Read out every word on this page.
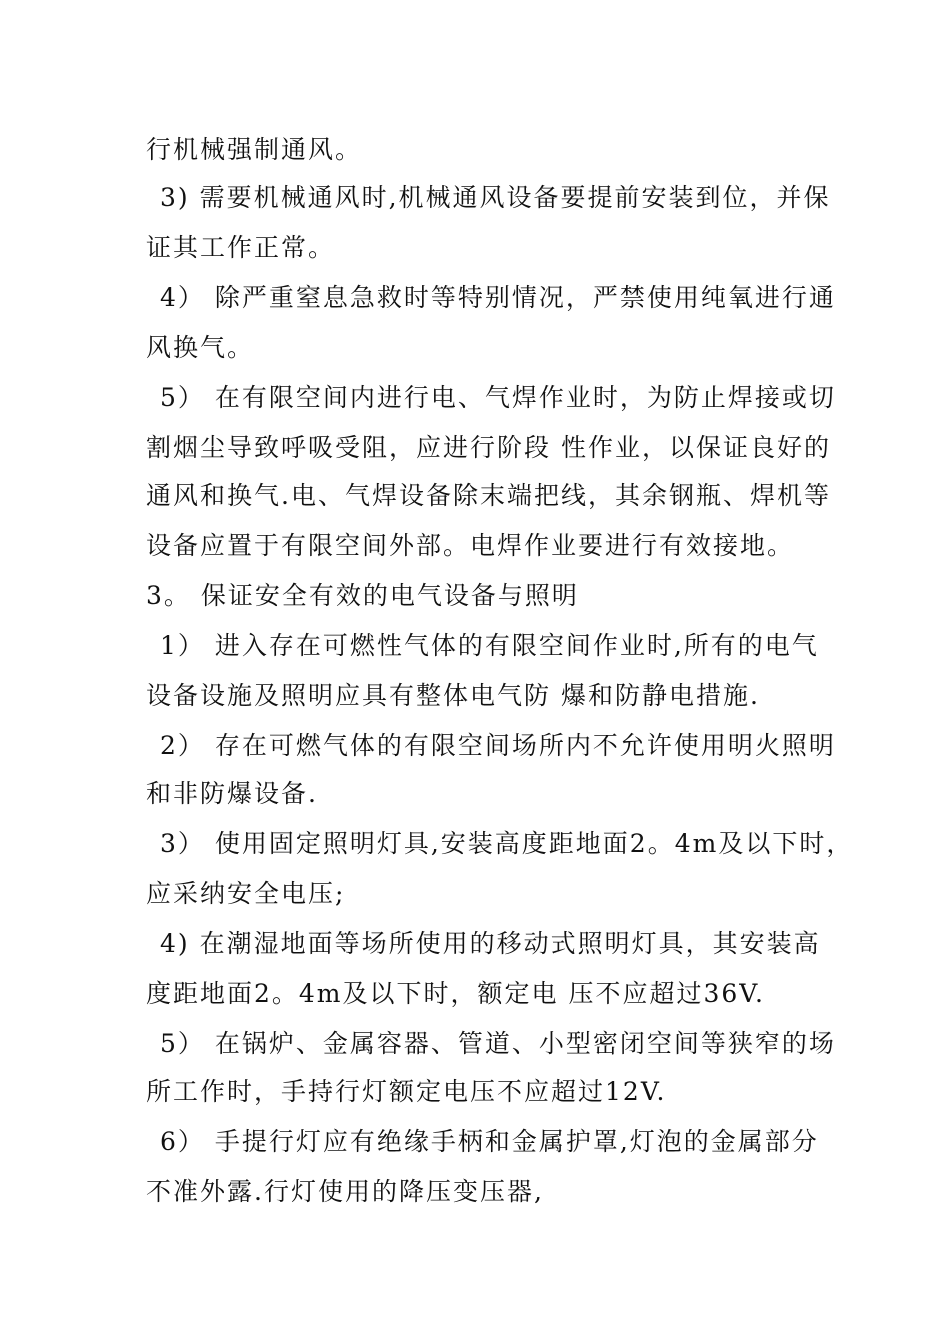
行机械强制通风。
3) 需要机械通风时,机械通风设备要提前安装到位，并保
证其工作正常。
4） 除严重窒息急救时等特别情况，严禁使用纯氧进行通
风换气。
5） 在有限空间内进行电、气焊作业时，为防止焊接或切
割烟尘导致呼吸受阻，应进行阶段 性作业，以保证良好的
通风和换气.电、气焊设备除末端把线，其余钢瓶、焊机等
设备应置于有限空间外部。电焊作业要进行有效接地。
3。 保证安全有效的电气设备与照明
1） 进入存在可燃性气体的有限空间作业时,所有的电气
设备设施及照明应具有整体电气防 爆和防静电措施.
2） 存在可燃气体的有限空间场所内不允许使用明火照明
和非防爆设备.
3） 使用固定照明灯具,安装高度距地面2。4m及以下时，
应采纳安全电压;
4) 在潮湿地面等场所使用的移动式照明灯具，其安装高
度距地面2。4m及以下时，额定电 压不应超过36V.
5） 在锅炉、金属容器、管道、小型密闭空间等狭窄的场
所工作时，手持行灯额定电压不应超过12V.
6） 手提行灯应有绝缘手柄和金属护罩,灯泡的金属部分
不准外露.行灯使用的降压变压器,
